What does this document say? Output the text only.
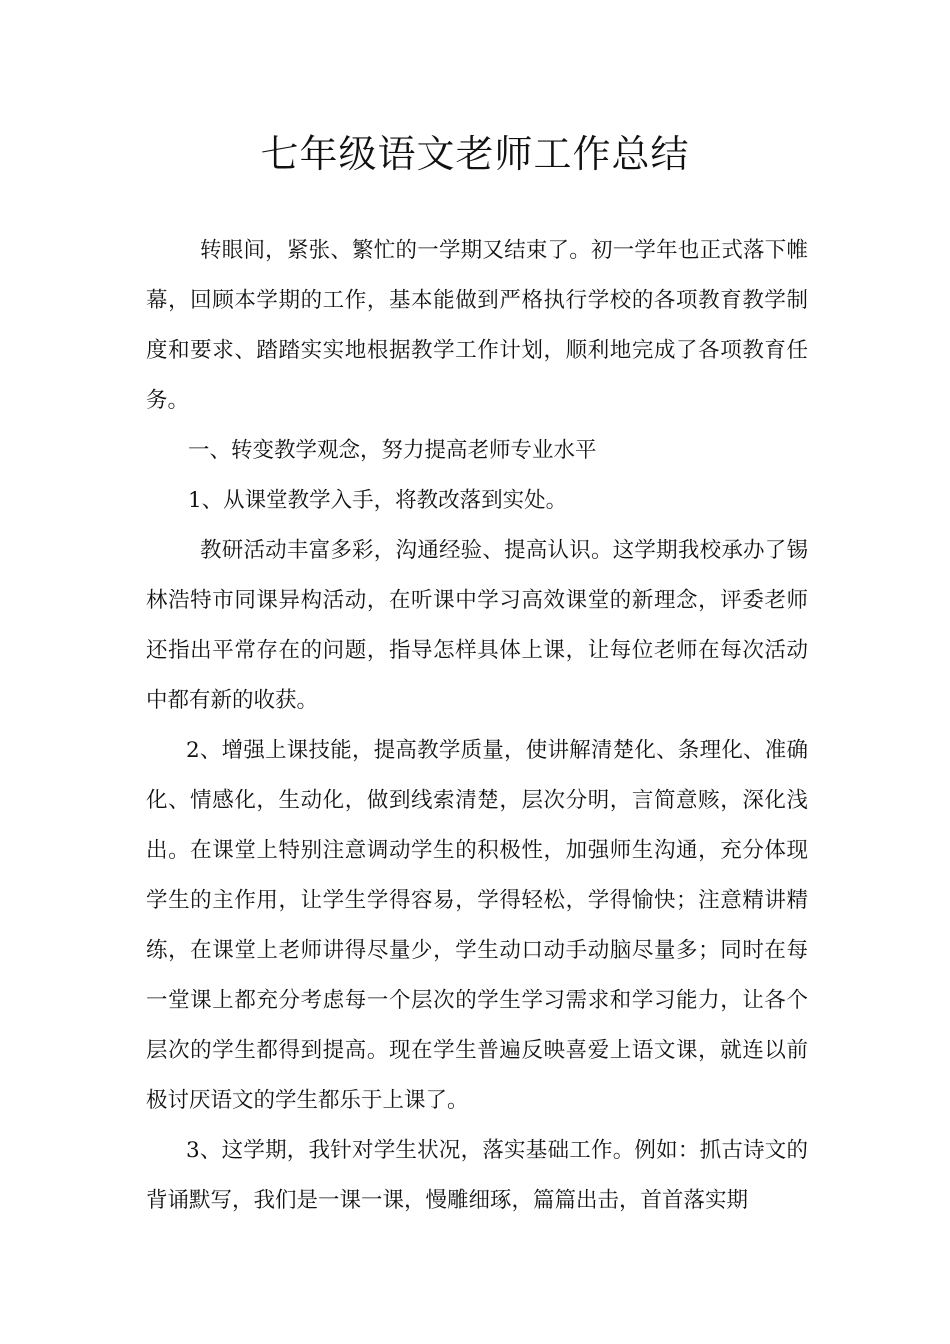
七年级语文老师工作总结

转眼间，紧张、繁忙的一学期又结束了。初一学年也正式落下帷幕，回顾本学期的工作，基本能做到严格执行学校的各项教育教学制度和要求、踏踏实实地根据教学工作计划，顺利地完成了各项教育任务。

一、转变教学观念，努力提高老师专业水平

1、从课堂教学入手，将教改落到实处。

教研活动丰富多彩，沟通经验、提高认识。这学期我校承办了锡林浩特市同课异构活动，在听课中学习高效课堂的新理念，评委老师还指出平常存在的问题，指导怎样具体上课，让每位老师在每次活动中都有新的收获。

2、增强上课技能，提高教学质量，使讲解清楚化、条理化、准确化、情感化，生动化，做到线索清楚，层次分明，言简意赅，深化浅出。在课堂上特别注意调动学生的积极性，加强师生沟通，充分体现学生的主作用，让学生学得容易，学得轻松，学得愉快；注意精讲精练，在课堂上老师讲得尽量少，学生动口动手动脑尽量多；同时在每一堂课上都充分考虑每一个层次的学生学习需求和学习能力，让各个层次的学生都得到提高。现在学生普遍反映喜爱上语文课，就连以前极讨厌语文的学生都乐于上课了。

3、这学期，我针对学生状况，落实基础工作。例如：抓古诗文的背诵默写，我们是一课一课，慢雕细琢，篇篇出击，首首落实期
